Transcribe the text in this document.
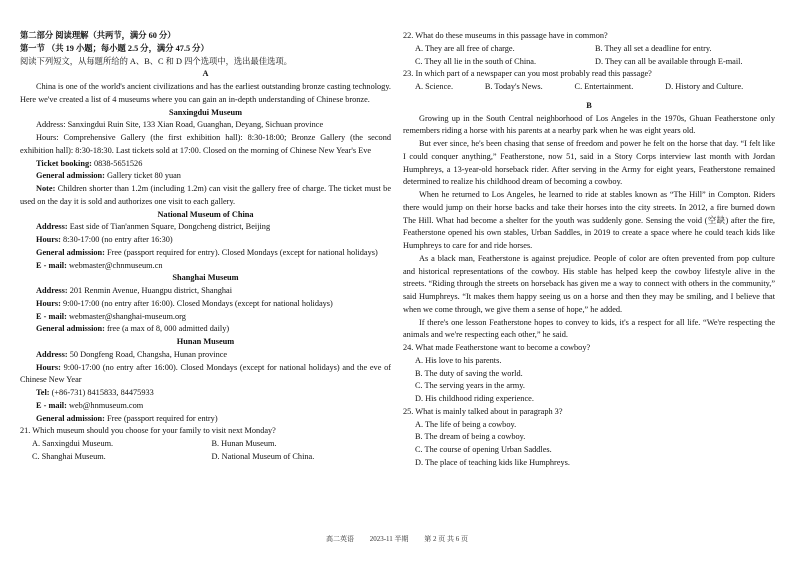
第二部分 阅读理解（共两节，满分 60 分）

第一节 （共 19 小题；每小题 2.5 分，满分 47.5 分）

阅读下列短文，从每题所给的 A、B、C 和 D 四个选项中，选出最佳选项。

A

China is one of the world's ancient civilizations and has the earliest outstanding bronze casting technology. Here we've created a list of 4 museums where you can gain an in-depth understanding of Chinese bronze.

Sanxingdui Museum

Address: Sanxingdui Ruin Site, 133 Xian Road, Guanghan, Deyang, Sichuan province

Hours: Comprehensive Gallery (the first exhibition hall): 8:30-18:00; Bronze Gallery (the second exhibition hall): 8:30-18:30. Last tickets sold at 17:00. Closed on the morning of Chinese New Year's Eve

Ticket booking: 0838-5651526

General admission: Gallery ticket 80 yuan

Note: Children shorter than 1.2m (including 1.2m) can visit the gallery free of charge. The ticket must be used on the day it is sold and authorizes one visit to each gallery.

National Museum of China

Address: East side of Tian'anmen Square, Dongcheng district, Beijing

Hours: 8:30-17:00 (no entry after 16:30)

General admission: Free (passport required for entry). Closed Mondays (except for national holidays)

E - mail: webmaster@chnmuseum.cn

Shanghai Museum

Address: 201 Renmin Avenue, Huangpu district, Shanghai

Hours: 9:00-17:00 (no entry after 16:00). Closed Mondays (except for national holidays)

E - mail: webmaster@shanghai-museum.org

General admission: free (a max of 8, 000 admitted daily)

Hunan Museum

Address: 50 Dongfeng Road, Changsha, Hunan province

Hours: 9:00-17:00 (no entry after 16:00). Closed Mondays (except for national holidays) and the eve of Chinese New Year

Tel: (+86-731) 8415833, 84475933

E - mail: web@hnmuseum.com

General admission: Free (passport required for entry)

21. Which museum should you choose for your family to visit next Monday?

A. Sanxingdui Museum.	B. Hunan Museum.
C. Shanghai Museum.	D. National Museum of China.

22. What do these museums in this passage have in common?

A. They are all free of charge.	B. They all set a deadline for entry.
C. They all lie in the south of China.	D. They can all be available through E-mail.

23. In which part of a newspaper can you most probably read this passage?

A. Science.	B. Today's News.	C. Entertainment.	D. History and Culture.

B

Growing up in the South Central neighborhood of Los Angeles in the 1970s, Ghuan Featherstone only remembers riding a horse with his parents at a nearby park when he was eight years old.

But ever since, he's been chasing that sense of freedom and power he felt on the horse that day. “I felt like I could conquer anything,” Featherstone, now 51, said in a Story Corps interview last month with Jordan Humphreys, a 13-year-old horseback rider. After serving in the Army for eight years, Featherstone remained determined to realize his childhood dream of becoming a cowboy.

When he returned to Los Angeles, he learned to ride at stables known as “The Hill” in Compton. Riders there would jump on their horse backs and take their horses into the city streets. In 2012, a fire burned down The Hill. What had become a shelter for the youth was suddenly gone. Sensing the void (空缺) after the fire, Featherstone opened his own stables, Urban Saddles, in 2019 to create a space where he could teach kids like Humphreys to care for and ride horses.

As a black man, Featherstone is against prejudice. People of color are often prevented from pop culture and historical representations of the cowboy. His stable has helped keep the cowboy lifestyle alive in the streets. “Riding through the streets on horseback has given me a way to connect with others in the community,” said Humphreys. “It makes them happy seeing us on a horse and then they may be smiling, and I believe that when we come through, we give them a sense of hope,” he added.

If there's one lesson Featherstone hopes to convey to kids, it's a respect for all life. “We're respecting the animals and we're respecting each other,” he said.

24. What made Featherstone want to become a cowboy?

A. His love to his parents.

B. The duty of saving the world.

C. The serving years in the army.

D. His childhood riding experience.

25. What is mainly talked about in paragraph 3?

A. The life of being a cowboy.

B. The dream of being a cowboy.

C. The course of opening Urban Saddles.

D. The place of teaching kids like Humphreys.

高二英语 2023-11 半期 第 2 页 共 6 页
